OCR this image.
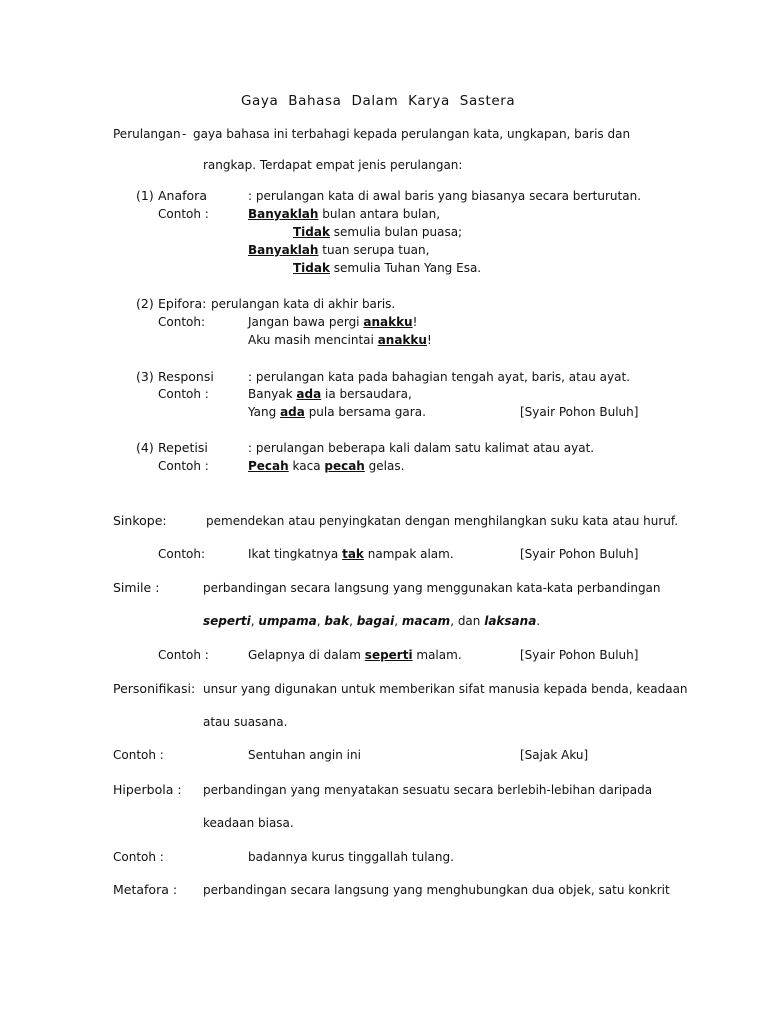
Gaya Bahasa Dalam Karya Sastera
Perulangan - gaya bahasa ini terbahagi kepada perulangan kata, ungkapan, baris dan
rangkap. Terdapat empat jenis perulangan:
(1) Anafora	: perulangan kata di awal baris yang biasanya secara berturutan.
Contoh :	Banyaklah bulan antara bulan,
Tidak semulia bulan puasa;
Banyaklah tuan serupa tuan,
Tidak semulia Tuhan Yang Esa.
(2) Epifora: perulangan kata di akhir baris.
Contoh:	Jangan bawa pergi anakku!
Aku masih mencintai anakku!
(3) Responsi	: perulangan kata pada bahagian tengah ayat, baris, atau ayat.
Contoh :	Banyak ada ia bersaudara,
Yang ada pula bersama gara.	[Syair Pohon Buluh]
(4) Repetisi	: perulangan beberapa kali dalam satu kalimat atau ayat.
Contoh :	Pecah kaca pecah gelas.
Sinkope:	pemendekan atau penyingkatan dengan menghilangkan suku kata atau huruf.
Contoh:	Ikat tingkatnya tak nampak alam.	[Syair Pohon Buluh]
Simile :	perbandingan secara langsung yang menggunakan kata-kata perbandingan
seperti, umpama, bak, bagai, macam, dan laksana.
Contoh :	Gelapnya di dalam seperti malam.	[Syair Pohon Buluh]
Personifikasi: unsur yang digunakan untuk memberikan sifat manusia kepada benda, keadaan
atau suasana.
Contoh :	Sentuhan angin ini	[Sajak Aku]
Hiperbola : perbandingan yang menyatakan sesuatu secara berlebih-lebihan daripada
keadaan biasa.
Contoh :	badannya kurus tinggallah tulang.
Metafora : perbandingan secara langsung yang menghubungkan dua objek, satu konkrit
